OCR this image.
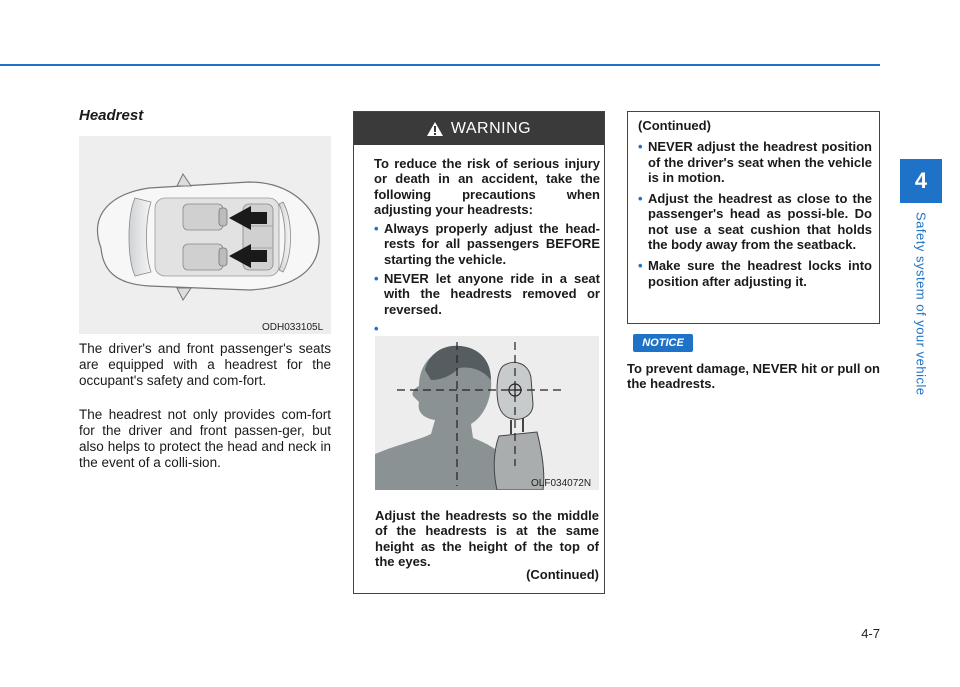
4
Safety system of your vehicle
Headrest
ODH033105L

The driver's and front passenger's seats are equipped with a headrest for the occupant's safety and com-fort.

The headrest not only provides com-fort for the driver and front passen-ger, but also helps to protect the head and neck in the event of a colli-sion.

WARNING

To reduce the risk of serious injury or death in an accident, take the following precautions when adjusting your headrests:

• Always properly adjust the head-rests for all passengers BEFORE starting the vehicle.
• NEVER let anyone ride in a seat with the headrests removed or reversed.
•
OLF034072N

Adjust the headrests so the middle of the headrests is at the same height as the height of the top of the eyes.

(Continued)
(Continued)
• NEVER adjust the headrest position of the driver's seat when the vehicle is in motion.
• Adjust the headrest as close to the passenger's head as possi-ble. Do not use a seat cushion that holds the body away from the seatback.
• Make sure the headrest locks into position after adjusting it.
NOTICE

To prevent damage, NEVER hit or pull on the headrests.

4-7
